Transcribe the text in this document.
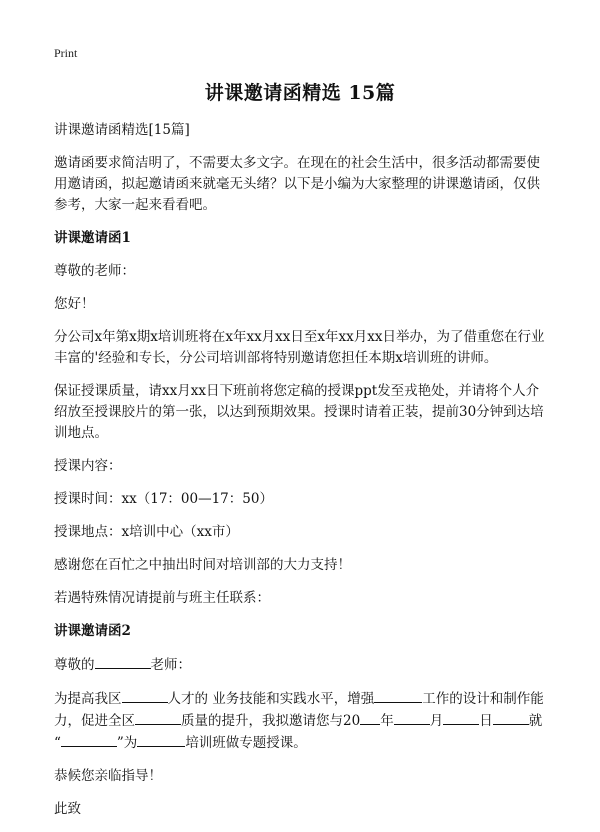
Print
讲课邀请函精选 15篇

讲课邀请函精选[15篇]

邀请函要求简洁明了，不需要太多文字。在现在的社会生活中，很多活动都需要使用邀请函，拟起邀请函来就毫无头绪？以下是小编为大家整理的讲课邀请函，仅供参考，大家一起来看看吧。

讲课邀请函1

尊敬的老师：

您好！

分公司x年第x期x培训班将在x年xx月xx日至x年xx月xx日举办，为了借重您在行业丰富的'经验和专长，分公司培训部将特别邀请您担任本期x培训班的讲师。

保证授课质量，请xx月xx日下班前将您定稿的授课ppt发至戎艳处，并请将个人介绍放至授课胶片的第一张，以达到预期效果。授课时请着正装，提前30分钟到达培训地点。

授课内容：

授课时间：xx（17：00—17：50）

授课地点：x培训中心（xx市）

感谢您在百忙之中抽出时间对培训部的大力支持！

若遇特殊情况请提前与班主任联系：

讲课邀请函2

尊敬的	老师：

为提高我区	人才的 业务技能和实践水平，增强	工作的设计和制作能力，促进全区	质量的提升，我拟邀请您与20 年	月	日	就
“	”为	培训班做专题授课。

恭候您亲临指导！

此致
